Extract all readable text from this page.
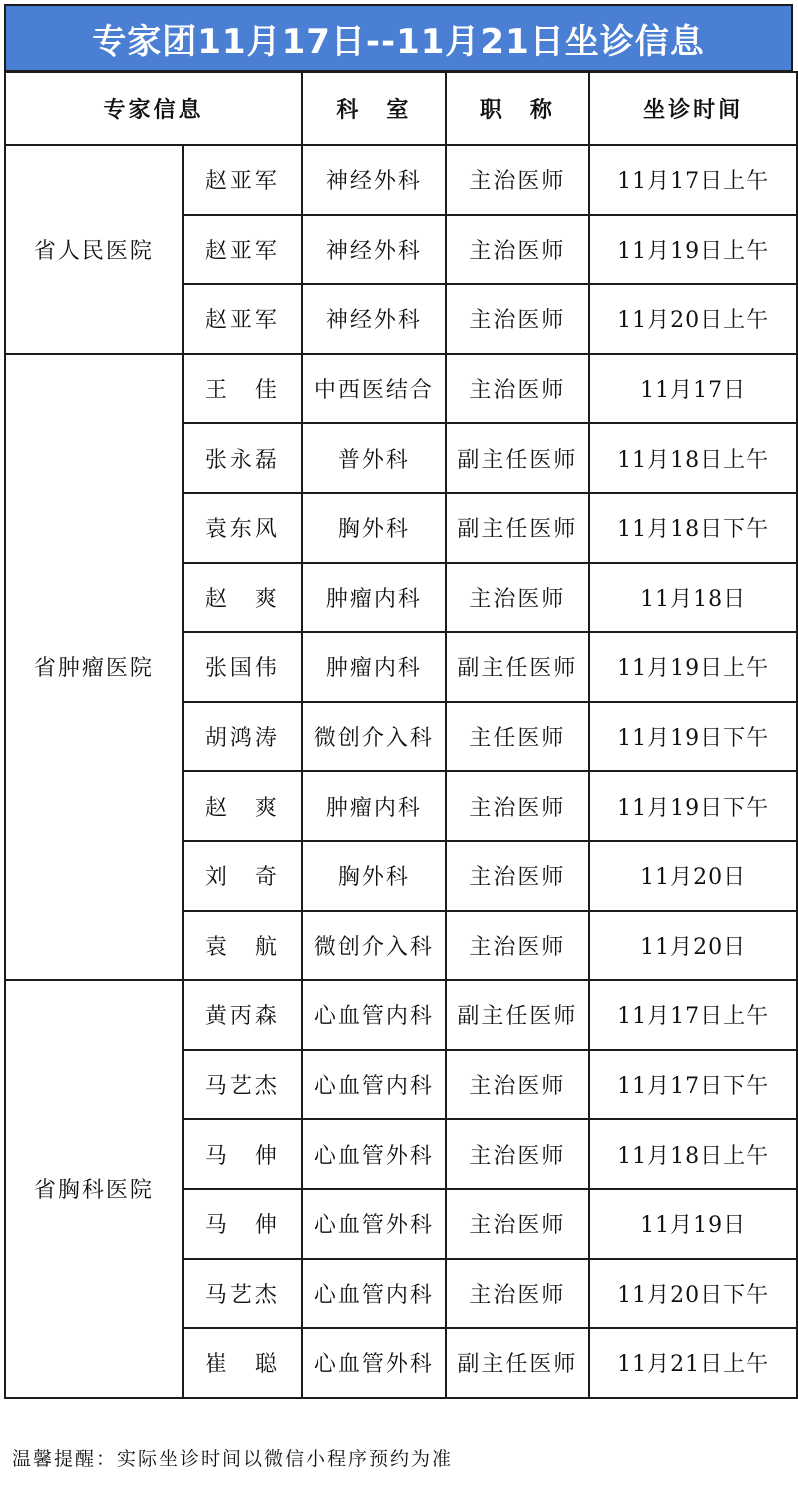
专家团11月17日--11月21日坐诊信息
专家信息		科　室	职　称	坐诊时间
省人民医院	赵亚军	神经外科	主治医师	11月17日上午
	赵亚军	神经外科	主治医师	11月19日上午
	赵亚军	神经外科	主治医师	11月20日上午
省肿瘤医院	王　佳	中西医结合	主治医师	11月17日
	张永磊	普外科	副主任医师	11月18日上午
	袁东风	胸外科	副主任医师	11月18日下午
	赵　爽	肿瘤内科	主治医师	11月18日
	张国伟	肿瘤内科	副主任医师	11月19日上午
	胡鸿涛	微创介入科	主任医师	11月19日下午
	赵　爽	肿瘤内科	主治医师	11月19日下午
	刘　奇	胸外科	主治医师	11月20日
	袁　航	微创介入科	主治医师	11月20日
省胸科医院	黄丙森	心血管内科	副主任医师	11月17日上午
	马艺杰	心血管内科	主治医师	11月17日下午
	马　伸	心血管外科	主治医师	11月18日上午
	马　伸	心血管外科	主治医师	11月19日
	马艺杰	心血管内科	主治医师	11月20日下午
	崔　聪	心血管外科	副主任医师	11月21日上午
温馨提醒：实际坐诊时间以微信小程序预约为准
